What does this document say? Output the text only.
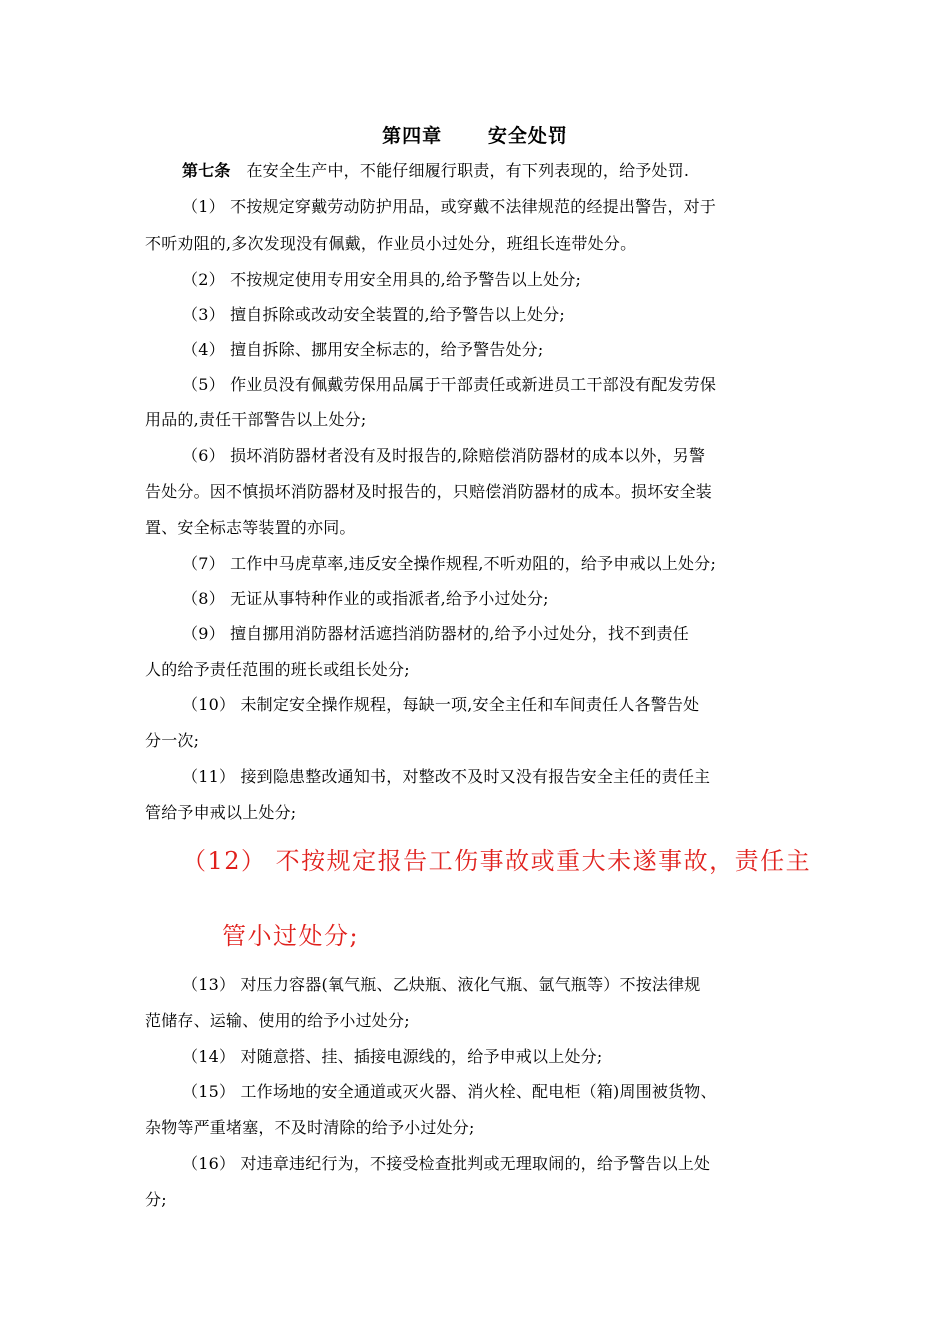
第四章      安全处罚
第七条 在安全生产中，不能仔细履行职责，有下列表现的，给予处罚.
（1） 不按规定穿戴劳动防护用品，或穿戴不法律规范的经提出警告，对于
不听劝阻的,多次发现没有佩戴，作业员小过处分，班组长连带处分。
（2） 不按规定使用专用安全用具的,给予警告以上处分;
（3） 擅自拆除或改动安全装置的,给予警告以上处分;
（4） 擅自拆除、挪用安全标志的，给予警告处分;
（5） 作业员没有佩戴劳保用品属于干部责任或新进员工干部没有配发劳保
用品的,责任干部警告以上处分;
（6） 损坏消防器材者没有及时报告的,除赔偿消防器材的成本以外，另警
告处分。因不慎损坏消防器材及时报告的，只赔偿消防器材的成本。损坏安全装
置、安全标志等装置的亦同。
（7） 工作中马虎草率,违反安全操作规程,不听劝阻的，给予申戒以上处分;
（8） 无证从事特种作业的或指派者,给予小过处分;
（9） 擅自挪用消防器材活遮挡消防器材的,给予小过处分，找不到责任
人的给予责任范围的班长或组长处分;
（10） 未制定安全操作规程，每缺一项,安全主任和车间责任人各警告处
分一次;
（11） 接到隐患整改通知书，对整改不及时又没有报告安全主任的责任主
管给予申戒以上处分;
（12） 不按规定报告工伤事故或重大未遂事故，责任主
管小过处分;
（13） 对压力容器(氧气瓶、乙炔瓶、液化气瓶、氩气瓶等）不按法律规
范储存、运输、使用的给予小过处分;
（14） 对随意搭、挂、插接电源线的，给予申戒以上处分;
（15） 工作场地的安全通道或灭火器、消火栓、配电柜（箱)周围被货物、
杂物等严重堵塞，不及时清除的给予小过处分;
（16） 对违章违纪行为，不接受检查批判或无理取闹的，给予警告以上处
分;
